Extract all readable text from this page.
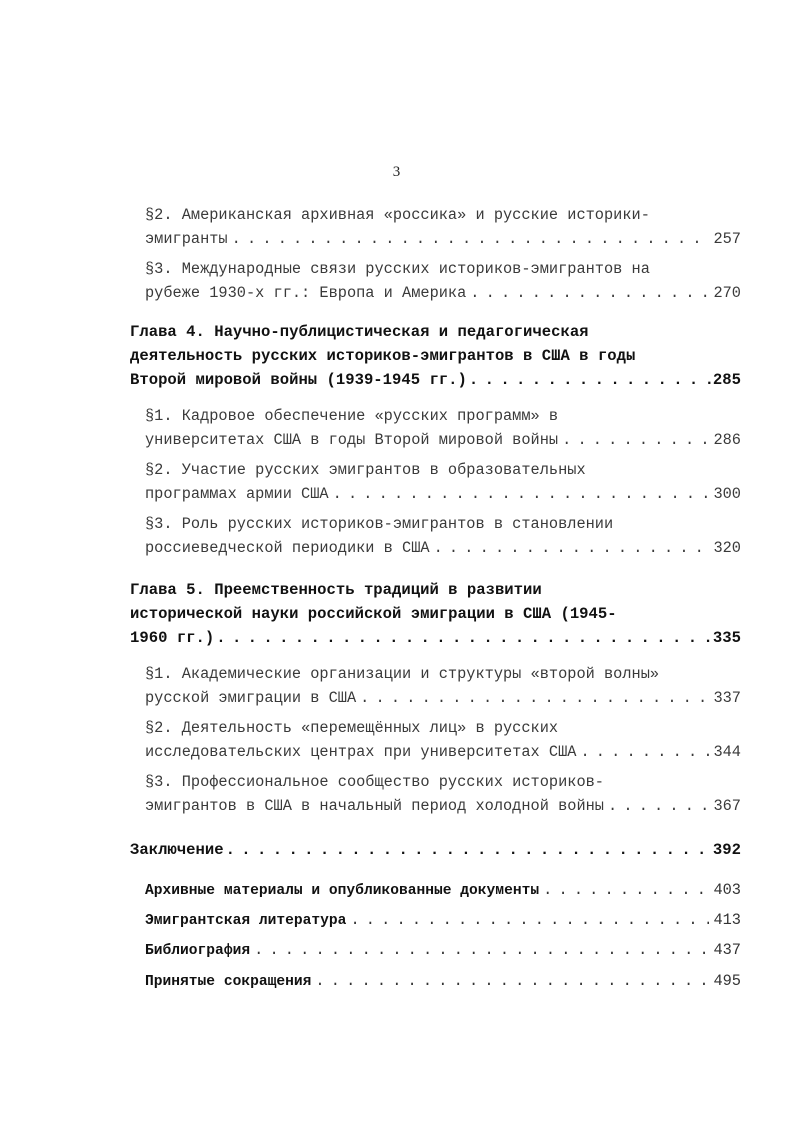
3
§2. Американская архивная «россика» и русские историки-
эмигранты . . .	257
§3. Международные связи русских историков-эмигрантов на
рубеже 1930-х гг.: Европа и Америка . . .	270
Глава 4. Научно-публицистическая и педагогическая
деятельность русских историков-эмигрантов в США в годы
Второй мировой войны (1939-1945 гг.) . . .	285
§1. Кадровое обеспечение «русских программ» в
университетах США в годы Второй мировой войны . . .	286
§2. Участие русских эмигрантов в образовательных
программах армии США . . .	300
§3. Роль русских историков-эмигрантов в становлении
россиеведческой периодики в США . . .	320
Глава 5. Преемственность традиций в развитии
исторической науки российской эмиграции в США (1945-
1960 гг.) . . .	335
§1. Академические организации и структуры «второй волны»
русской эмиграции в США . . .	337
§2. Деятельность «перемещённых лиц» в русских
исследовательских центрах при университетах США . . .	344
§3. Профессиональное сообщество русских историков-
эмигрантов в США в начальный период холодной войны . . .	367
Заключение . . .	392
Архивные материалы и опубликованные документы . . .	403
Эмигрантская литература . . .	413
Библиография . . .	437
Принятые сокращения . . .	495
